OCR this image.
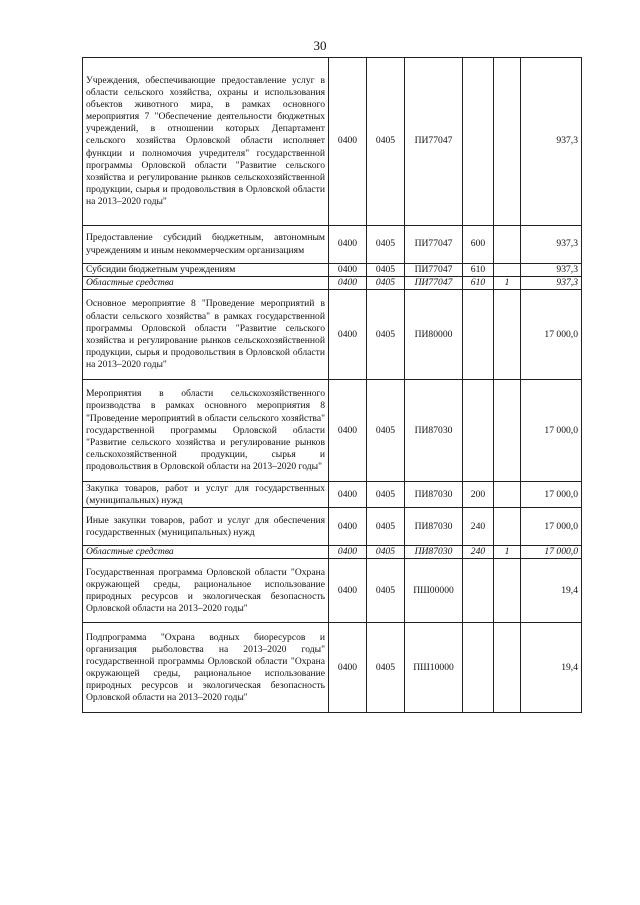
30
Учреждения, обеспечивающие предоставление услуг в области сельского хозяйства, охраны и использования объектов животного мира, в рамках основного мероприятия 7 "Обеспечение деятельности бюджетных учреждений, в отношении которых Департамент сельского хозяйства Орловской области исполняет функции и полномочия учредителя" государственной программы Орловской области "Развитие сельского хозяйства и регулирование рынков сельскохозяйственной продукции, сырья и продовольствия в Орловской области на 2013–2020 годы"	0400	0405	ПИ77047			937,3
Предоставление субсидий бюджетным, автономным учреждениям и иным некоммерческим организациям	0400	0405	ПИ77047	600		937,3
Субсидии бюджетным учреждениям	0400	0405	ПИ77047	610		937,3
Областные средства	0400	0405	ПИ77047	610	1	937,3
Основное мероприятие 8 "Проведение мероприятий в области сельского хозяйства" в рамках государственной программы Орловской области "Развитие сельского хозяйства и регулирование рынков сельскохозяйственной продукции, сырья и продовольствия в Орловской области на 2013–2020 годы"	0400	0405	ПИ80000			17 000,0
Мероприятия в области сельскохозяйственного производства в рамках основного мероприятия 8 "Проведение мероприятий в области сельского хозяйства" государственной программы Орловской области "Развитие сельского хозяйства и регулирование рынков сельскохозяйственной продукции, сырья и продовольствия в Орловской области на 2013–2020 годы"	0400	0405	ПИ87030			17 000,0
Закупка товаров, работ и услуг для государственных (муниципальных) нужд	0400	0405	ПИ87030	200		17 000,0
Иные закупки товаров, работ и услуг для обеспечения государственных (муниципальных) нужд	0400	0405	ПИ87030	240		17 000,0
Областные средства	0400	0405	ПИ87030	240	1	17 000,0
Государственная программа Орловской области "Охрана окружающей среды, рациональное использование природных ресурсов и экологическая безопасность Орловской области на 2013–2020 годы"	0400	0405	ПШ00000			19,4
Подпрограмма "Охрана водных биоресурсов и организация рыболовства на 2013–2020 годы" государственной программы Орловской области "Охрана окружающей среды, рациональное использование природных ресурсов и экологическая безопасность Орловской области на 2013–2020 годы"	0400	0405	ПШ10000			19,4
